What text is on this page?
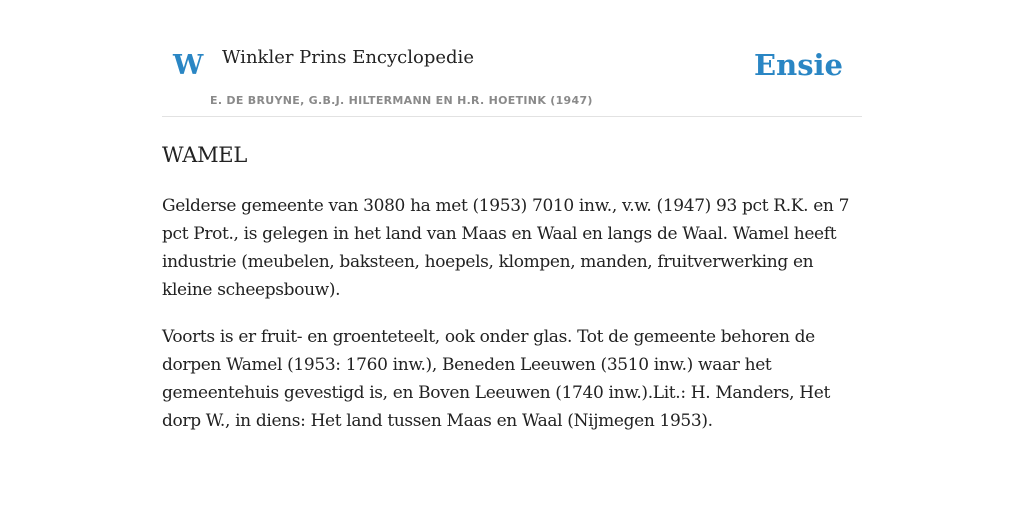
W Winkler Prins Encyclopedie
E. DE BRUYNE, G.B.J. HILTERMANN EN H.R. HOETINK (1947)
Ensie
WAMEL

Gelderse gemeente van 3080 ha met (1953) 7010 inw., v.w. (1947) 93 pct R.K. en 7 pct Prot., is gelegen in het land van Maas en Waal en langs de Waal. Wamel heeft industrie (meubelen, baksteen, hoepels, klompen, manden, fruitverwerking en kleine scheepsbouw).

Voorts is er fruit- en groenteteelt, ook onder glas. Tot de gemeente behoren de dorpen Wamel (1953: 1760 inw.), Beneden Leeuwen (3510 inw.) waar het gemeentehuis gevestigd is, en Boven Leeuwen (1740 inw.).Lit.: H. Manders, Het dorp W., in diens: Het land tussen Maas en Waal (Nijmegen 1953).
